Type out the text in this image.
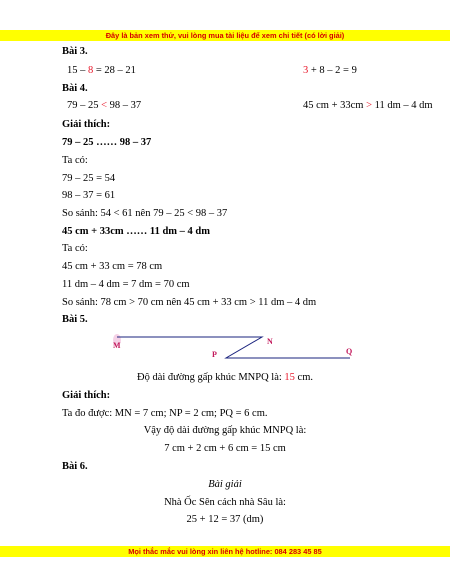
Đây là bản xem thử, vui lòng mua tài liệu để xem chi tiết (có lời giải)
Bài 3.
15 – 8 = 28 – 21	3 + 8 – 2 = 9
Bài 4.
79 – 25 < 98 – 37	45 cm + 33cm > 11 dm – 4 dm
Giải thích:
79 – 25 …… 98 – 37
Ta có:
79 – 25 = 54
98 – 37 = 61
So sánh: 54 < 61 nên 79 – 25 < 98 – 37
45 cm + 33cm …… 11 dm – 4 dm
Ta có:
45 cm + 33 cm = 78 cm
11 dm – 4 dm = 7 dm = 70 cm
So sánh: 78 cm > 70 cm nên 45 cm + 33 cm > 11 dm – 4 dm
Bài 5.
M	N
P	Q
Độ dài đường gấp khúc MNPQ là: 15 cm.
Giải thích:
Ta đo được: MN = 7 cm; NP = 2 cm; PQ = 6 cm.
Vậy độ dài đường gấp khúc MNPQ là:
7 cm + 2 cm + 6 cm = 15 cm
Bài 6.
Bài giải
Nhà Ốc Sên cách nhà Sâu là:
25 + 12 = 37 (dm)
Mọi thắc mắc vui lòng xin liên hệ hotline: 084 283 45 85
